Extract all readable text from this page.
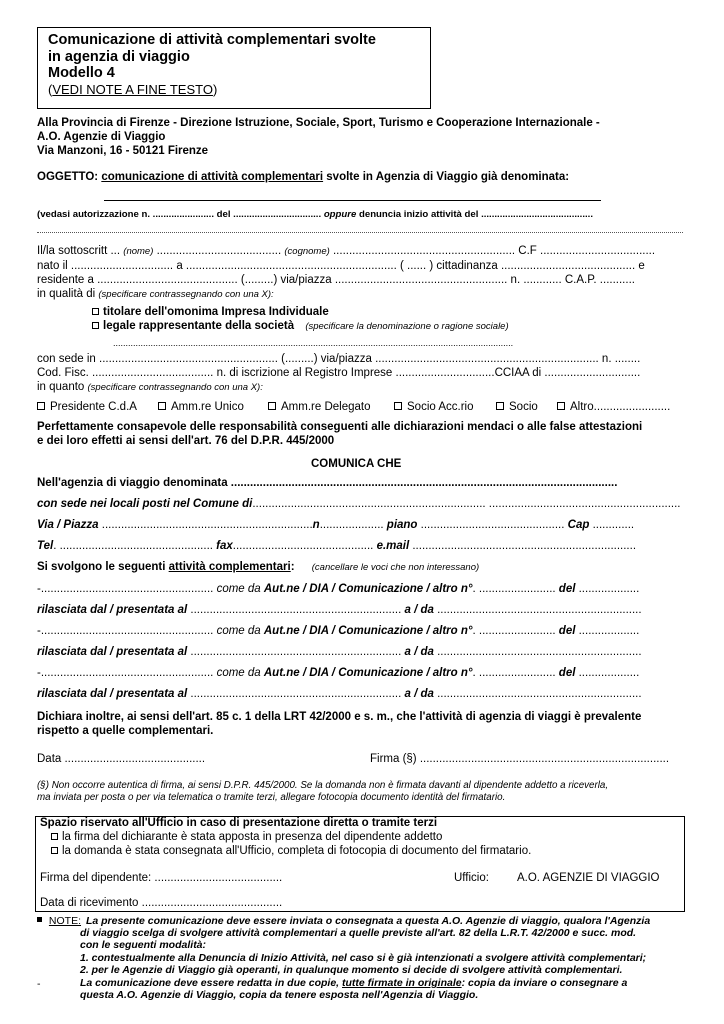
Comunicazione di attività complementari svolte
in agenzia di viaggio
Modello 4
(VEDI NOTE A FINE TESTO)
Alla Provincia di Firenze - Direzione Istruzione, Sociale, Sport, Turismo e Cooperazione Internazionale -
A.O. Agenzie di Viaggio
Via Manzoni, 16 - 50121 Firenze
OGGETTO: comunicazione di attività complementari svolte in Agenzia di Viaggio già denominata:
(vedasi autorizzazione n. ....................... del ................................. oppure denuncia inizio attività del ..........................................
Il/la sottoscritt ... (nome) ....................................... (cognome) ......................................................... C.F ....................................
nato il ................................ a .................................................................. ( ...... ) cittadinanza .......................................... e
residente a ............................................ (.........) via/piazza ...................................................... n. ............ C.A.P. ...........
in qualità di (specificare contrassegnando con una X):
titolare dell'omonima Impresa Individuale
legale rappresentante della società (specificare la denominazione o ragione sociale)
................................................................................................................................................................
con sede in ........................................................ (.........) via/piazza ...................................................................... n. ........
Cod. Fisc. ...................................... n. di iscrizione al Registro Imprese ...............................CCIAA di ..............................
in quanto (specificare contrassegnando con una X):
Presidente C.d.A	Amm.re Unico	Amm.re Delegato	Socio Acc.rio	Socio	Altro........................
Perfettamente consapevole delle responsabilità conseguenti alle dichiarazioni mendaci o alle false attestazioni
e dei loro effetti ai sensi dell'art. 76 del D.P.R. 445/2000
COMUNICA CHE
Nell'agenzia di viaggio denominata .........................................................................................................................
con sede nei locali posti nel Comune di......................................................................... ............................................................
Via / Piazza ..................................................................n.................... piano ............................................. Cap .............
Tel. ................................................ fax............................................ e.mail ......................................................................
Si svolgono le seguenti attività complementari: (cancellare le voci che non interessano)
-...................................................... come da Aut.ne / DIA / Comunicazione / altro n°. ........................ del ...................
rilasciata dal / presentata al .................................................................. a / da ................................................................
-...................................................... come da Aut.ne / DIA / Comunicazione / altro n°. ........................ del ...................
rilasciata dal / presentata al .................................................................. a / da ................................................................
-...................................................... come da Aut.ne / DIA / Comunicazione / altro n°. ........................ del ...................
rilasciata dal / presentata al .................................................................. a / da ................................................................
Dichiara inoltre, ai sensi dell'art. 85 c. 1 della LRT 42/2000 e s. m., che l'attività di agenzia di viaggi è prevalente
rispetto a quelle complementari.
Data ............................................	Firma (§) ..............................................................................
(§) Non occorre autentica di firma, ai sensi D.P.R. 445/2000. Se la domanda non è firmata davanti al dipendente addetto a riceverla,
ma inviata per posta o per via telematica o tramite terzi, allegare fotocopia documento identità del firmatario.
Spazio riservato all'Ufficio in caso di presentazione diretta o tramite terzi
la firma del dichiarante è stata apposta in presenza del dipendente addetto
la domanda è stata consegnata all'Ufficio, completa di fotocopia di documento del firmatario.
Firma del dipendente: ........................................	Ufficio: A.O. AGENZIE DI VIAGGIO
Data di ricevimento ............................................
NOTE: La presente comunicazione deve essere inviata o consegnata a questa A.O. Agenzie di viaggio, qualora l'Agenzia
di viaggio scelga di svolgere attività complementari a quelle previste all'art. 82 della L.R.T. 42/2000 e succ. mod.
con le seguenti modalità:
1. contestualmente alla Denuncia di Inizio Attività, nel caso si è già intenzionati a svolgere attività complementari;
2. per le Agenzie di Viaggio già operanti, in qualunque momento si decide di svolgere attività complementari.
-	La comunicazione deve essere redatta in due copie, tutte firmate in originale: copia da inviare o consegnare a
questa A.O. Agenzie di Viaggio, copia da tenere esposta nell'Agenzia di Viaggio.
